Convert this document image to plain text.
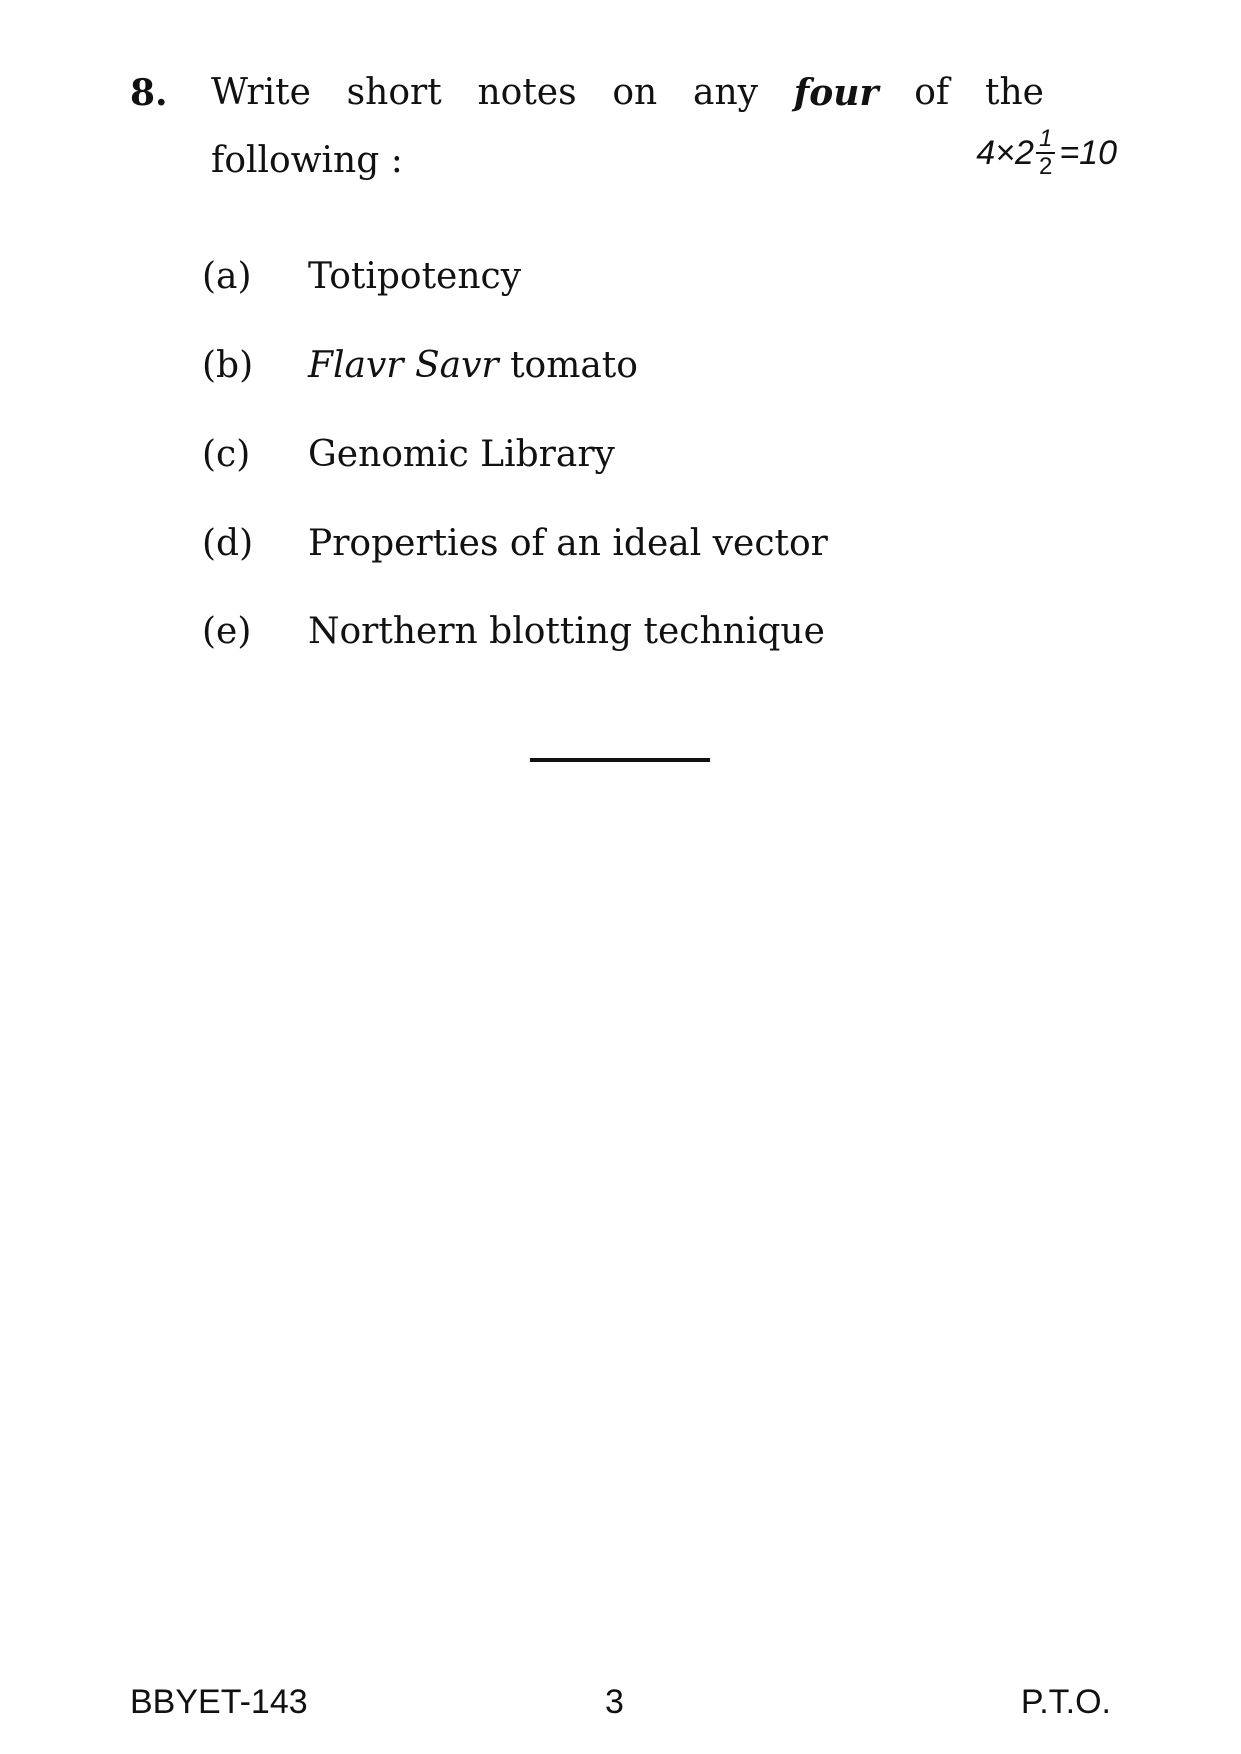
8. Write short notes on any four of the
following :	$4\times 2 \frac{1}{2} =10$
(a)	Totipotency
(b)	Flavr Savr tomato
(c)	Genomic Library
(d)	Properties of an ideal vector
(e)	Northern blotting technique
BBYET-143	3	P.T.O.
